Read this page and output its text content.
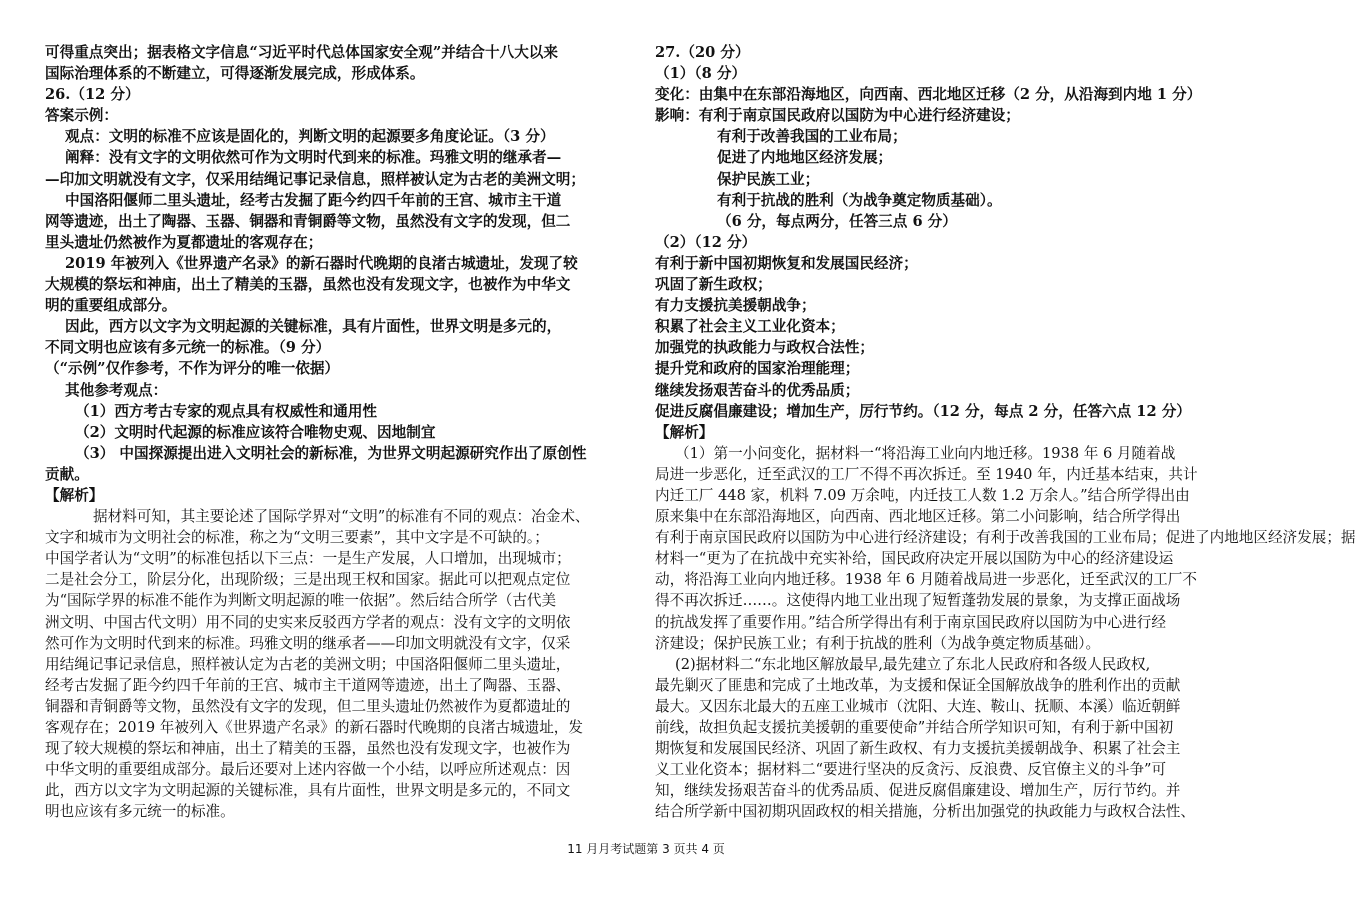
可得重点突出；据表格文字信息“习近平时代总体国家安全观”并结合十八大以来
国际治理体系的不断建立，可得逐渐发展完成，形成体系。
26.（12 分）
答案示例：
观点：文明的标准不应该是固化的，判断文明的起源要多角度论证。（3 分）
阐释：没有文字的文明依然可作为文明时代到来的标准。玛雅文明的继承者—
—印加文明就没有文字，仅采用结绳记事记录信息，照样被认定为古老的美洲文明；
中国洛阳偃师二里头遗址，经考古发掘了距今约四千年前的王宫、城市主干道
网等遗迹，出土了陶器、玉器、铜器和青铜爵等文物，虽然没有文字的发现，但二
里头遗址仍然被作为夏都遗址的客观存在；
2019 年被列入《世界遗产名录》的新石器时代晚期的良渚古城遗址，发现了较
大规模的祭坛和神庙，出土了精美的玉器，虽然也没有发现文字，也被作为中华文
明的重要组成部分。
因此，西方以文字为文明起源的关键标准，具有片面性，世界文明是多元的，
不同文明也应该有多元统一的标准。（9 分）
（“示例”仅作参考，不作为评分的唯一依据）
其他参考观点：
（1）西方考古专家的观点具有权威性和通用性
（2）文明时代起源的标准应该符合唯物史观、因地制宜
（3） 中国探源提出进入文明社会的新标准，为世界文明起源研究作出了原创性
贡献。
【解析】
据材料可知，其主要论述了国际学界对“文明”的标准有不同的观点：冶金术、
文字和城市为文明社会的标准，称之为“文明三要素”，其中文字是不可缺的。；
中国学者认为“文明”的标准包括以下三点：一是生产发展，人口增加，出现城市；
二是社会分工，阶层分化，出现阶级；三是出现王权和国家。据此可以把观点定位
为“国际学界的标准不能作为判断文明起源的唯一依据”。然后结合所学（古代美
洲文明、中国古代文明）用不同的史实来反驳西方学者的观点：没有文字的文明依
然可作为文明时代到来的标准。玛雅文明的继承者——印加文明就没有文字，仅采
用结绳记事记录信息，照样被认定为古老的美洲文明；中国洛阳偃师二里头遗址，
经考古发掘了距今约四千年前的王宫、城市主干道网等遗迹，出土了陶器、玉器、
铜器和青铜爵等文物，虽然没有文字的发现，但二里头遗址仍然被作为夏都遗址的
客观存在；2019 年被列入《世界遗产名录》的新石器时代晚期的良渚古城遗址，发
现了较大规模的祭坛和神庙，出土了精美的玉器，虽然也没有发现文字，也被作为
中华文明的重要组成部分。最后还要对上述内容做一个小结，以呼应所述观点：因
此，西方以文字为文明起源的关键标准，具有片面性，世界文明是多元的，不同文
明也应该有多元统一的标准。
27.（20 分）
（1）（8 分）
变化：由集中在东部沿海地区，向西南、西北地区迁移（2 分，从沿海到内地 1 分）
影响：有利于南京国民政府以国防为中心进行经济建设；
有利于改善我国的工业布局；
促进了内地地区经济发展；
保护民族工业；
有利于抗战的胜利（为战争奠定物质基础）。
（6 分，每点两分，任答三点 6 分）
（2）（12 分）
有利于新中国初期恢复和发展国民经济；
巩固了新生政权；
有力支援抗美援朝战争；
积累了社会主义工业化资本；
加强党的执政能力与政权合法性；
提升党和政府的国家治理能理；
继续发扬艰苦奋斗的优秀品质；
促进反腐倡廉建设；增加生产，厉行节约。（12 分，每点 2 分，任答六点 12 分）
【解析】
（1）第一小问变化，据材料一“将沿海工业向内地迁移。1938 年 6 月随着战
局进一步恶化，迁至武汉的工厂不得不再次拆迁。至 1940 年，内迁基本结束，共计
内迁工厂 448 家，机料 7.09 万余吨，内迁技工人数 1.2 万余人。”结合所学得出由
原来集中在东部沿海地区，向西南、西北地区迁移。第二小问影响，结合所学得出
有利于南京国民政府以国防为中心进行经济建设；有利于改善我国的工业布局；促进了内地地区经济发展；据
材料一“更为了在抗战中充实补给，国民政府决定开展以国防为中心的经济建设运
动，将沿海工业向内地迁移。1938 年 6 月随着战局进一步恶化，迁至武汉的工厂不
得不再次拆迁……。这使得内地工业出现了短暂蓬勃发展的景象，为支撑正面战场
的抗战发挥了重要作用。”结合所学得出有利于南京国民政府以国防为中心进行经
济建设；保护民族工业；有利于抗战的胜利（为战争奠定物质基础）。
(2)据材料二“东北地区解放最早,最先建立了东北人民政府和各级人民政权,
最先剿灭了匪患和完成了土地改革，为支援和保证全国解放战争的胜利作出的贡献
最大。又因东北最大的五座工业城市（沈阳、大连、鞍山、抚顺、本溪）临近朝鲜
前线，故担负起支援抗美援朝的重要使命”并结合所学知识可知，有利于新中国初
期恢复和发展国民经济、巩固了新生政权、有力支援抗美援朝战争、积累了社会主
义工业化资本；据材料二“要进行坚决的反贪污、反浪费、反官僚主义的斗争”可
知，继续发扬艰苦奋斗的优秀品质、促进反腐倡廉建设、增加生产，厉行节约。并
结合所学新中国初期巩固政权的相关措施，分析出加强党的执政能力与政权合法性、
11 月月考试题第 3 页共 4 页
